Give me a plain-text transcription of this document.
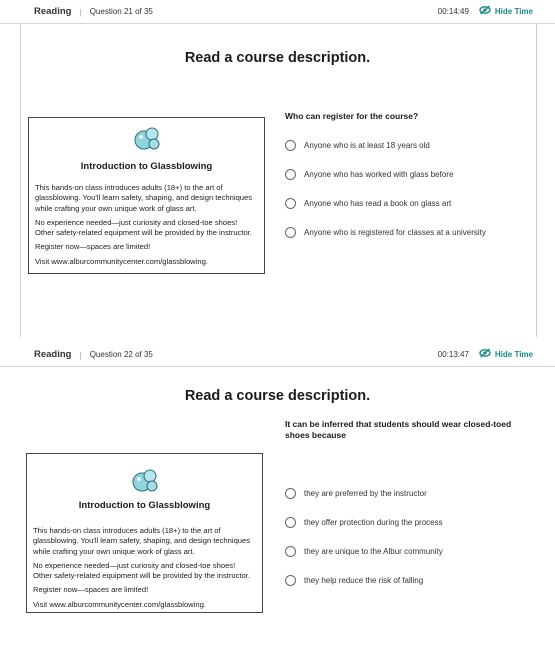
Reading | Question 21 of 35	00:14:49	Hide Time
Read a course description.
Introduction to Glassblowing

This hands-on class introduces adults (18+) to the art of glassblowing. You'll learn safety, shaping, and design techniques while crafting your own unique work of glass art.

No experience needed—just curiosity and closed-toe shoes! Other safety-related equipment will be provided by the instructor.

Register now—spaces are limited!

Visit www.alburcommunitycenter.com/glassblowing.

Who can register for the course?
Anyone who is at least 18 years old
Anyone who has worked with glass before
Anyone who has read a book on glass art
Anyone who is registered for classes at a university
Reading | Question 22 of 35	00:13:47	Hide Time
Read a course description.
Introduction to Glassblowing

This hands-on class introduces adults (18+) to the art of glassblowing. You'll learn safety, shaping, and design techniques while crafting your own unique work of glass art.

No experience needed—just curiosity and closed-toe shoes! Other safety-related equipment will be provided by the instructor.

Register now—spaces are limited!

Visit www.alburcommunitycenter.com/glassblowing.

It can be inferred that students should wear closed-toed shoes because
they are preferred by the instructor
they offer protection during the process
they are unique to the Albur community
they help reduce the risk of falling
